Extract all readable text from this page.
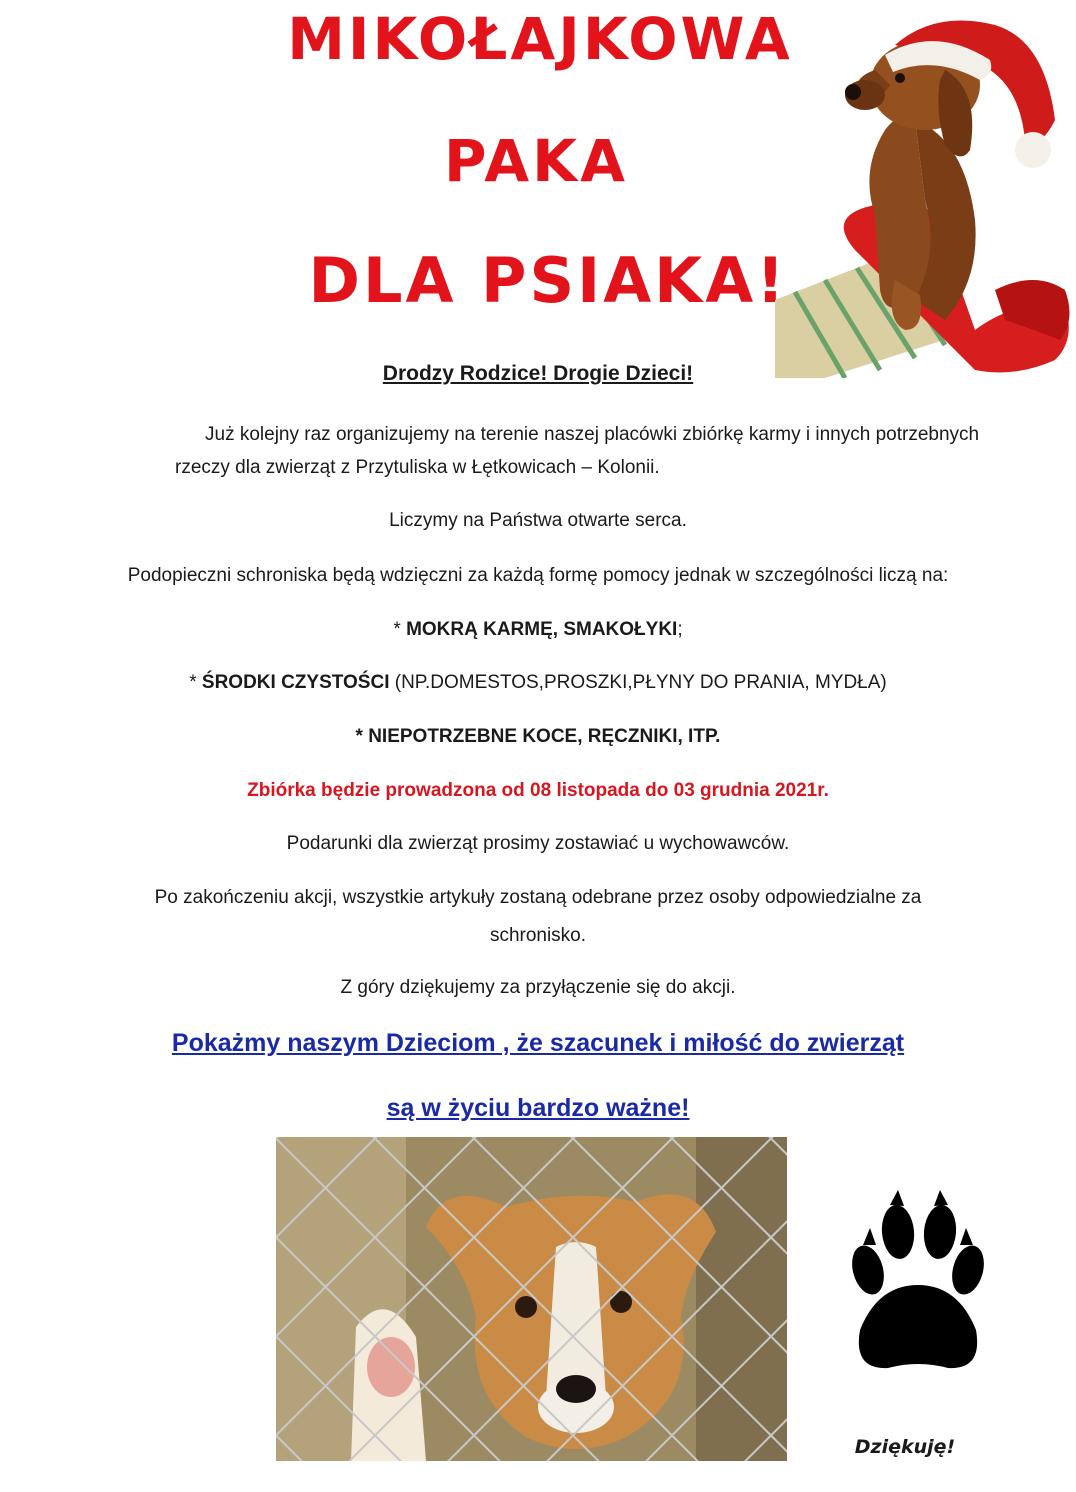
MIKOŁAJKOWA
PAKA
DLA PSIAKA!

Drodzy Rodzice! Drogie Dzieci!

Już kolejny raz organizujemy na terenie naszej placówki zbiórkę karmy i innych potrzebnych rzeczy dla zwierząt z Przytuliska w Łętkowicach – Kolonii.

Liczymy na Państwa otwarte serca.

Podopieczni schroniska będą wdzięczni za każdą formę pomocy jednak w szczególności liczą na:

* MOKRĄ KARMĘ, SMAKOŁYKI;

* ŚRODKI CZYSTOŚCI (NP.DOMESTOS,PROSZKI,PŁYNY DO PRANIA, MYDŁA)

* NIEPOTRZEBNE KOCE, RĘCZNIKI, ITP.

Zbiórka będzie prowadzona od 08 listopada do 03 grudnia 2021r.

Podarunki dla zwierząt prosimy zostawiać u wychowawców.

Po zakończeniu akcji, wszystkie artykuły zostaną odebrane przez osoby odpowiedzialne za

schronisko.

Z góry dziękujemy za przyłączenie się do akcji.

Pokażmy naszym Dzieciom , że szacunek i miłość do zwierząt

są w życiu bardzo ważne!

Dziękuję!
